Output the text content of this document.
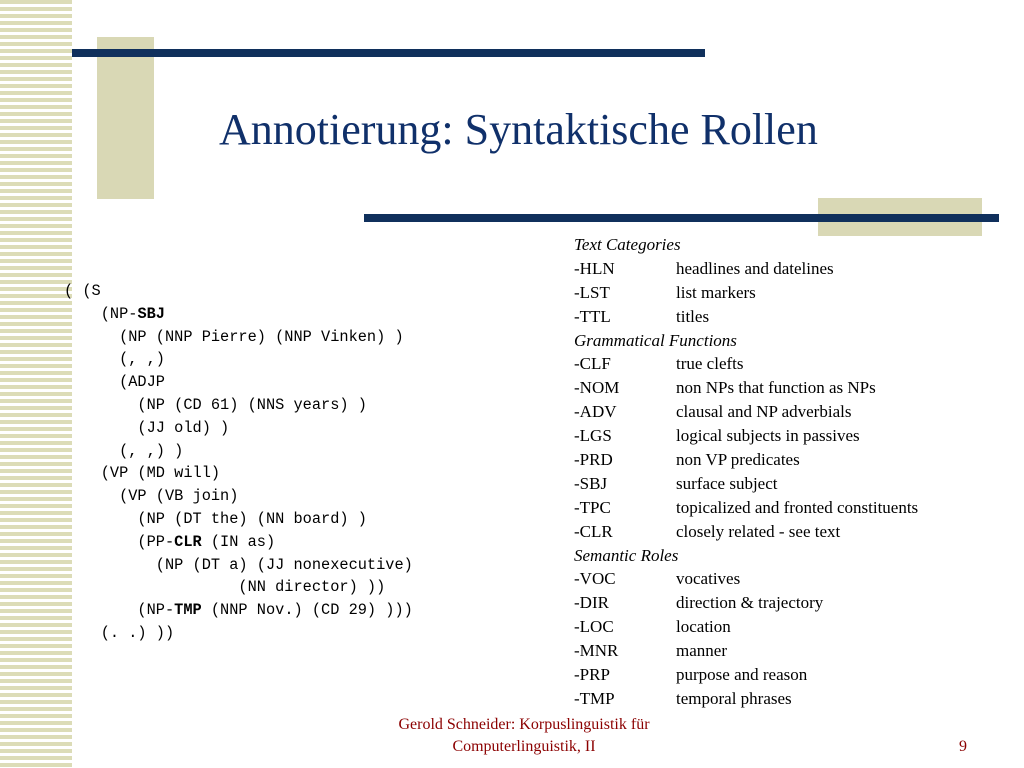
Annotierung: Syntaktische Rollen
( (S
(NP-SBJ
(NP (NNP Pierre) (NNP Vinken) )
(, ,)
(ADJP
(NP (CD 61) (NNS years) )
(JJ old) )
(, ,) )
(VP (MD will)
(VP (VB join)
(NP (DT the) (NN board) )
(PP-CLR (IN as)
(NP (DT a) (JJ nonexecutive)
(NN director) ))
(NP-TMP (NNP Nov.) (CD 29) )))
(. .) ))
Text Categories
-HLN	headlines and datelines
-LST	list markers
-TTL	titles
Grammatical Functions
-CLF	true clefts
-NOM	non NPs that function as NPs
-ADV	clausal and NP adverbials
-LGS	logical subjects in passives
-PRD	non VP predicates
-SBJ	surface subject
-TPC	topicalized and fronted constituents
-CLR	closely related - see text
Semantic Roles
-VOC	vocatives
-DIR	direction & trajectory
-LOC	location
-MNR	manner
-PRP	purpose and reason
-TMP	temporal phrases
Gerold Schneider: Korpuslinguistik für
Computerlinguistik, II	9
